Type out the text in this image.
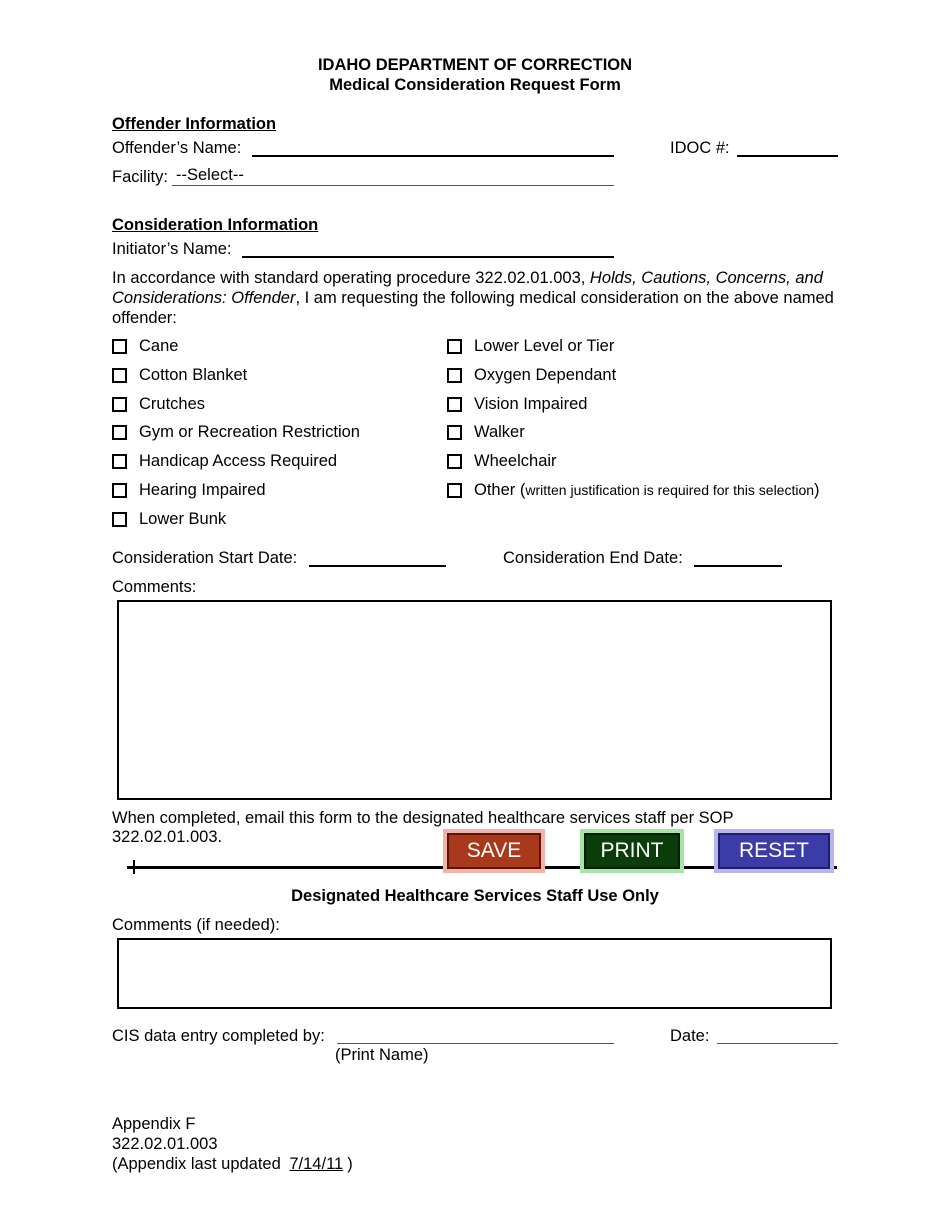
IDAHO DEPARTMENT OF CORRECTION
Medical Consideration Request Form
Offender Information
Offender’s Name:	IDOC #:
Facility: --Select--
Consideration Information
Initiator’s Name:
In accordance with standard operating procedure 322.02.01.003, Holds, Cautions, Concerns, and Considerations: Offender, I am requesting the following medical consideration on the above named offender:
Cane
Cotton Blanket
Crutches
Gym or Recreation Restriction
Handicap Access Required
Hearing Impaired
Lower Bunk
Lower Level or Tier
Oxygen Dependant
Vision Impaired
Walker
Wheelchair
Other ( written justification is required for this selection )
Consideration Start Date:	Consideration End Date:
Comments:
When completed, email this form to the designated healthcare services staff per SOP 322.02.01.003.
SAVE	PRINT	RESET
Designated Healthcare Services Staff Use Only
Comments (if needed):
CIS data entry completed by:
(Print Name)
Date:
Appendix F
322.02.01.003
(Appendix last updated 7/14/11 )
